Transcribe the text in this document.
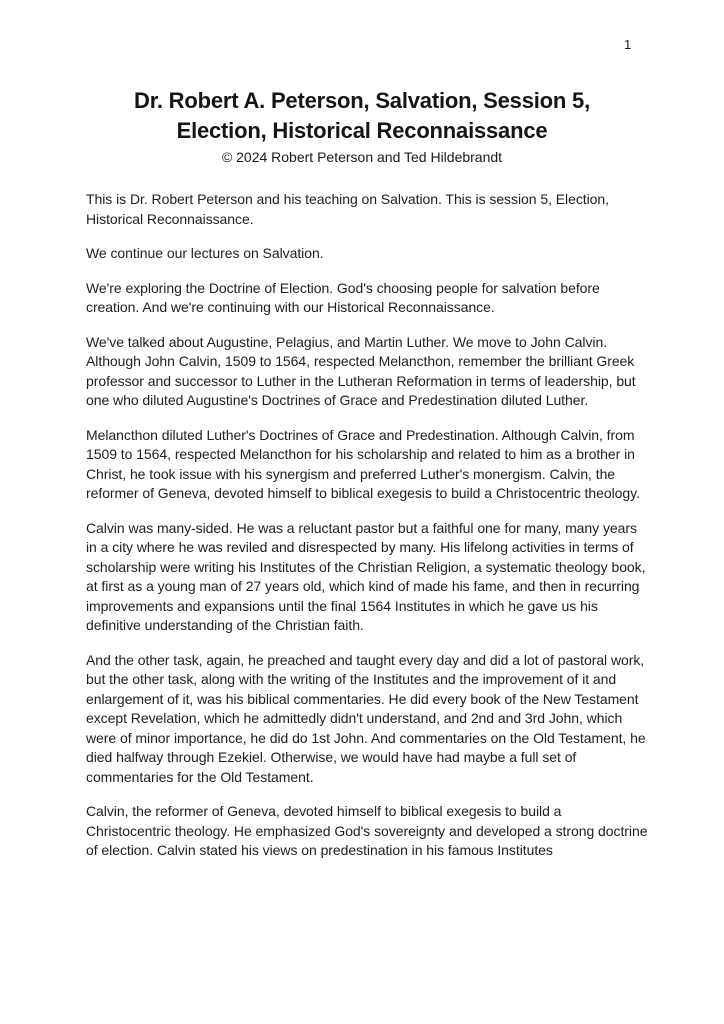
1
Dr. Robert A. Peterson, Salvation, Session 5,
Election, Historical Reconnaissance
© 2024 Robert Peterson and Ted Hildebrandt

This is Dr. Robert Peterson and his teaching on Salvation. This is session 5, Election, Historical Reconnaissance.

We continue our lectures on Salvation.

We're exploring the Doctrine of Election. God's choosing people for salvation before creation. And we're continuing with our Historical Reconnaissance.

We've talked about Augustine, Pelagius, and Martin Luther. We move to John Calvin. Although John Calvin, 1509 to 1564, respected Melancthon, remember the brilliant Greek professor and successor to Luther in the Lutheran Reformation in terms of leadership, but one who diluted Augustine's Doctrines of Grace and Predestination diluted Luther.

Melancthon diluted Luther's Doctrines of Grace and Predestination. Although Calvin, from 1509 to 1564, respected Melancthon for his scholarship and related to him as a brother in Christ, he took issue with his synergism and preferred Luther's monergism. Calvin, the reformer of Geneva, devoted himself to biblical exegesis to build a Christocentric theology.

Calvin was many-sided. He was a reluctant pastor but a faithful one for many, many years in a city where he was reviled and disrespected by many. His lifelong activities in terms of scholarship were writing his Institutes of the Christian Religion, a systematic theology book, at first as a young man of 27 years old, which kind of made his fame, and then in recurring improvements and expansions until the final 1564 Institutes in which he gave us his definitive understanding of the Christian faith.

And the other task, again, he preached and taught every day and did a lot of pastoral work, but the other task, along with the writing of the Institutes and the improvement of it and enlargement of it, was his biblical commentaries. He did every book of the New Testament except Revelation, which he admittedly didn't understand, and 2nd and 3rd John, which were of minor importance, he did do 1st John. And commentaries on the Old Testament, he died halfway through Ezekiel. Otherwise, we would have had maybe a full set of commentaries for the Old Testament.

Calvin, the reformer of Geneva, devoted himself to biblical exegesis to build a Christocentric theology. He emphasized God's sovereignty and developed a strong doctrine of election. Calvin stated his views on predestination in his famous Institutes
